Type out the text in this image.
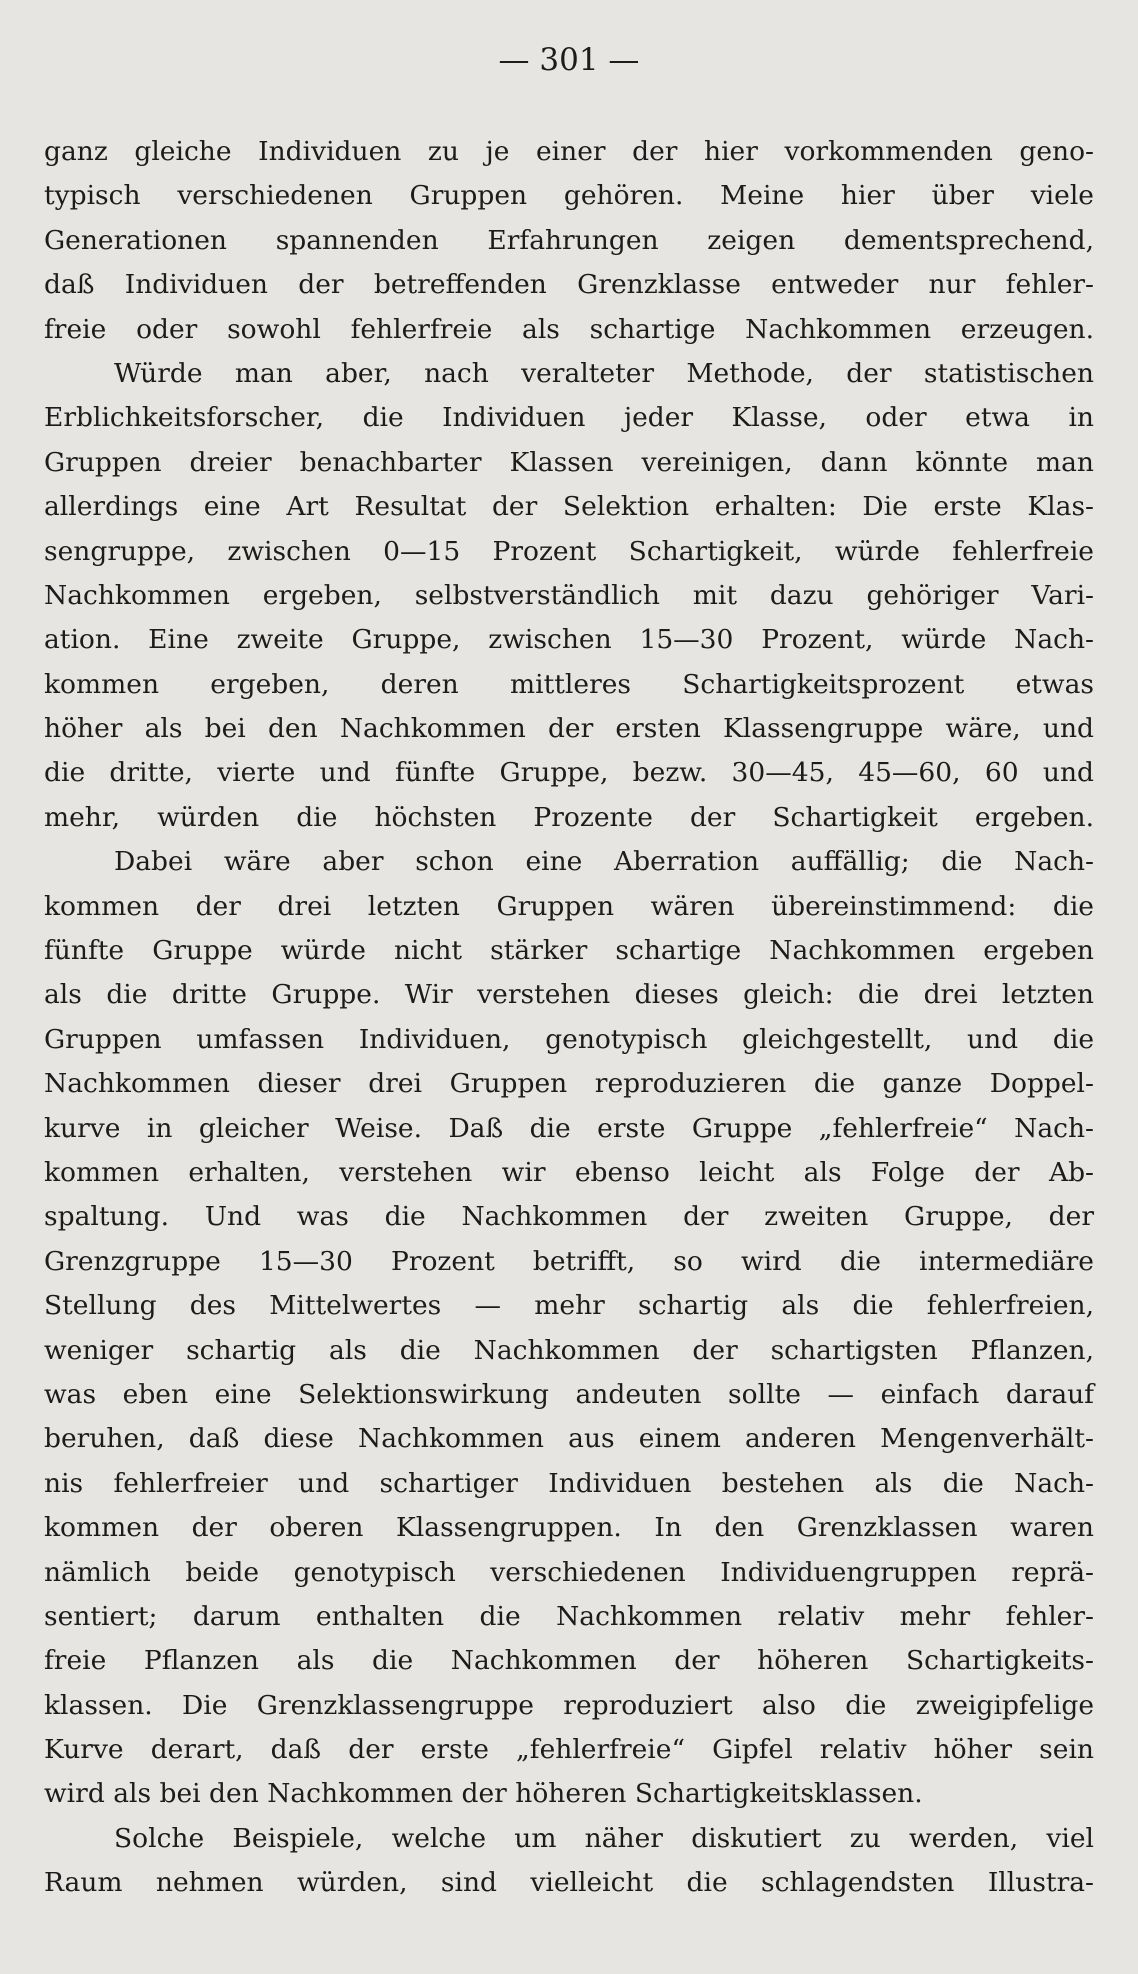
— 301 —
ganz gleiche Individuen zu je einer der hier vorkommenden geno-
typisch verschiedenen Gruppen gehören. Meine hier über viele
Generationen spannenden Erfahrungen zeigen dementsprechend,
daß Individuen der betreffenden Grenzklasse entweder nur fehler-
freie oder sowohl fehlerfreie als schartige Nachkommen erzeugen.
Würde man aber, nach veralteter Methode, der statistischen
Erblichkeitsforscher, die Individuen jeder Klasse, oder etwa in
Gruppen dreier benachbarter Klassen vereinigen, dann könnte man
allerdings eine Art Resultat der Selektion erhalten: Die erste Klas-
sengruppe, zwischen 0—15 Prozent Schartigkeit, würde fehlerfreie
Nachkommen ergeben, selbstverständlich mit dazu gehöriger Vari-
ation. Eine zweite Gruppe, zwischen 15—30 Prozent, würde Nach-
kommen ergeben, deren mittleres Schartigkeitsprozent etwas
höher als bei den Nachkommen der ersten Klassengruppe wäre, und
die dritte, vierte und fünfte Gruppe, bezw. 30—45, 45—60, 60 und
mehr, würden die höchsten Prozente der Schartigkeit ergeben.
Dabei wäre aber schon eine Aberration auffällig; die Nach-
kommen der drei letzten Gruppen wären übereinstimmend: die
fünfte Gruppe würde nicht stärker schartige Nachkommen ergeben
als die dritte Gruppe. Wir verstehen dieses gleich: die drei letzten
Gruppen umfassen Individuen, genotypisch gleichgestellt, und die
Nachkommen dieser drei Gruppen reproduzieren die ganze Doppel-
kurve in gleicher Weise. Daß die erste Gruppe „fehlerfreie“ Nach-
kommen erhalten, verstehen wir ebenso leicht als Folge der Ab-
spaltung. Und was die Nachkommen der zweiten Gruppe, der
Grenzgruppe 15—30 Prozent betrifft, so wird die intermediäre
Stellung des Mittelwertes — mehr schartig als die fehlerfreien,
weniger schartig als die Nachkommen der schartigsten Pflanzen,
was eben eine Selektionswirkung andeuten sollte — einfach darauf
beruhen, daß diese Nachkommen aus einem anderen Mengenverhält-
nis fehlerfreier und schartiger Individuen bestehen als die Nach-
kommen der oberen Klassengruppen. In den Grenzklassen waren
nämlich beide genotypisch verschiedenen Individuengruppen reprä-
sentiert; darum enthalten die Nachkommen relativ mehr fehler-
freie Pflanzen als die Nachkommen der höheren Schartigkeits-
klassen. Die Grenzklassengruppe reproduziert also die zweigipfelige
Kurve derart, daß der erste „fehlerfreie“ Gipfel relativ höher sein
wird als bei den Nachkommen der höheren Schartigkeitsklassen.
Solche Beispiele, welche um näher diskutiert zu werden, viel
Raum nehmen würden, sind vielleicht die schlagendsten Illustra-
